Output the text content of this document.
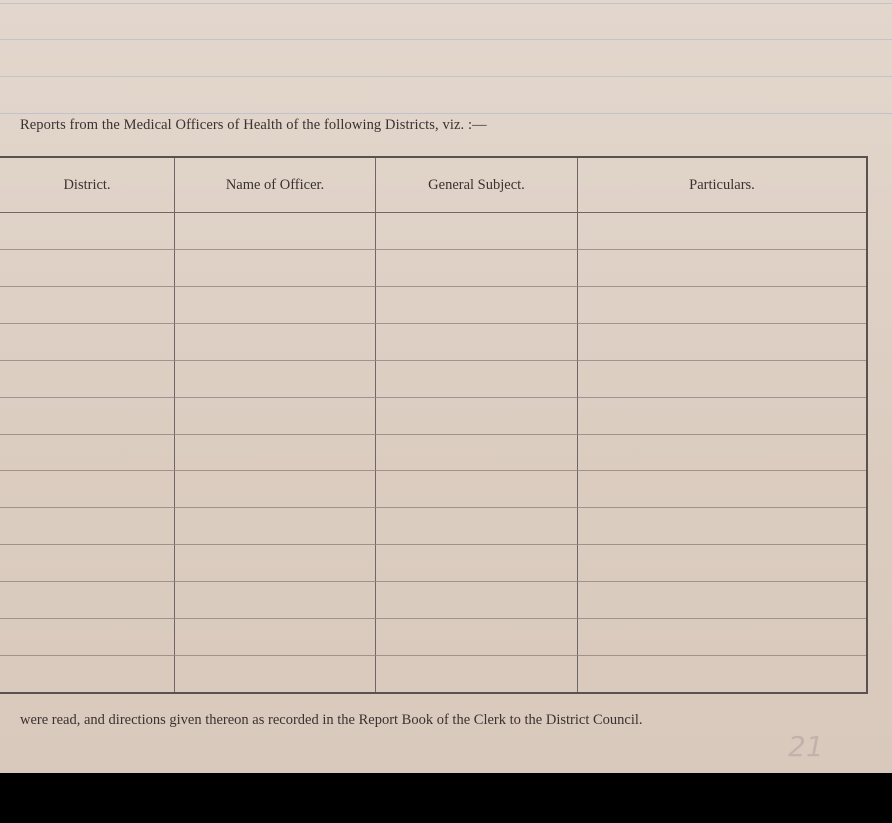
Reports from the Medical Officers of Health of the following Districts, viz. :—
District.	Name of Officer.	General Subject.	Particulars.
were read, and directions given thereon as recorded in the Report Book of the Clerk to the District Council.
21
